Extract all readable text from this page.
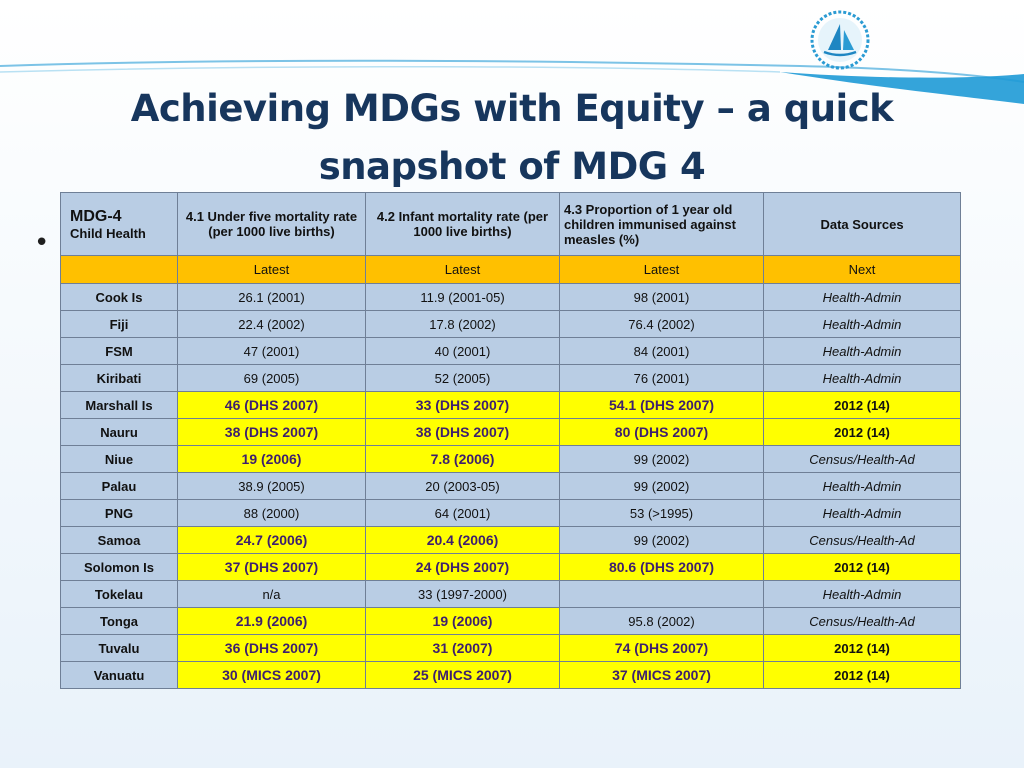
Achieving MDGs with Equity – a quick snapshot of MDG 4
•
MDG-4
Child Health	4.1 Under five mortality rate (per 1000 live births)	4.2 Infant mortality rate (per 1000 live births)	4.3 Proportion of 1 year old children immunised against measles (%)	Data Sources
	Latest	Latest	Latest	Next
Cook Is	26.1 (2001)	11.9 (2001-05)	98 (2001)	Health-Admin
Fiji	22.4 (2002)	17.8 (2002)	76.4 (2002)	Health-Admin
FSM	47 (2001)	40 (2001)	84 (2001)	Health-Admin
Kiribati	69 (2005)	52 (2005)	76 (2001)	Health-Admin
Marshall Is	46 (DHS 2007)	33 (DHS 2007)	54.1 (DHS 2007)	2012 (14)
Nauru	38 (DHS 2007)	38 (DHS 2007)	80 (DHS 2007)	2012 (14)
Niue	19 (2006)	7.8 (2006)	99 (2002)	Census/Health-Ad
Palau	38.9 (2005)	20 (2003-05)	99 (2002)	Health-Admin
PNG	88 (2000)	64 (2001)	53 (>1995)	Health-Admin
Samoa	24.7 (2006)	20.4 (2006)	99 (2002)	Census/Health-Ad
Solomon Is	37 (DHS 2007)	24 (DHS 2007)	80.6 (DHS 2007)	2012 (14)
Tokelau	n/a	33 (1997-2000)		Health-Admin
Tonga	21.9 (2006)	19 (2006)	95.8 (2002)	Census/Health-Ad
Tuvalu	36 (DHS 2007)	31 (2007)	74 (DHS 2007)	2012 (14)
Vanuatu	30 (MICS 2007)	25 (MICS 2007)	37 (MICS 2007)	2012 (14)
